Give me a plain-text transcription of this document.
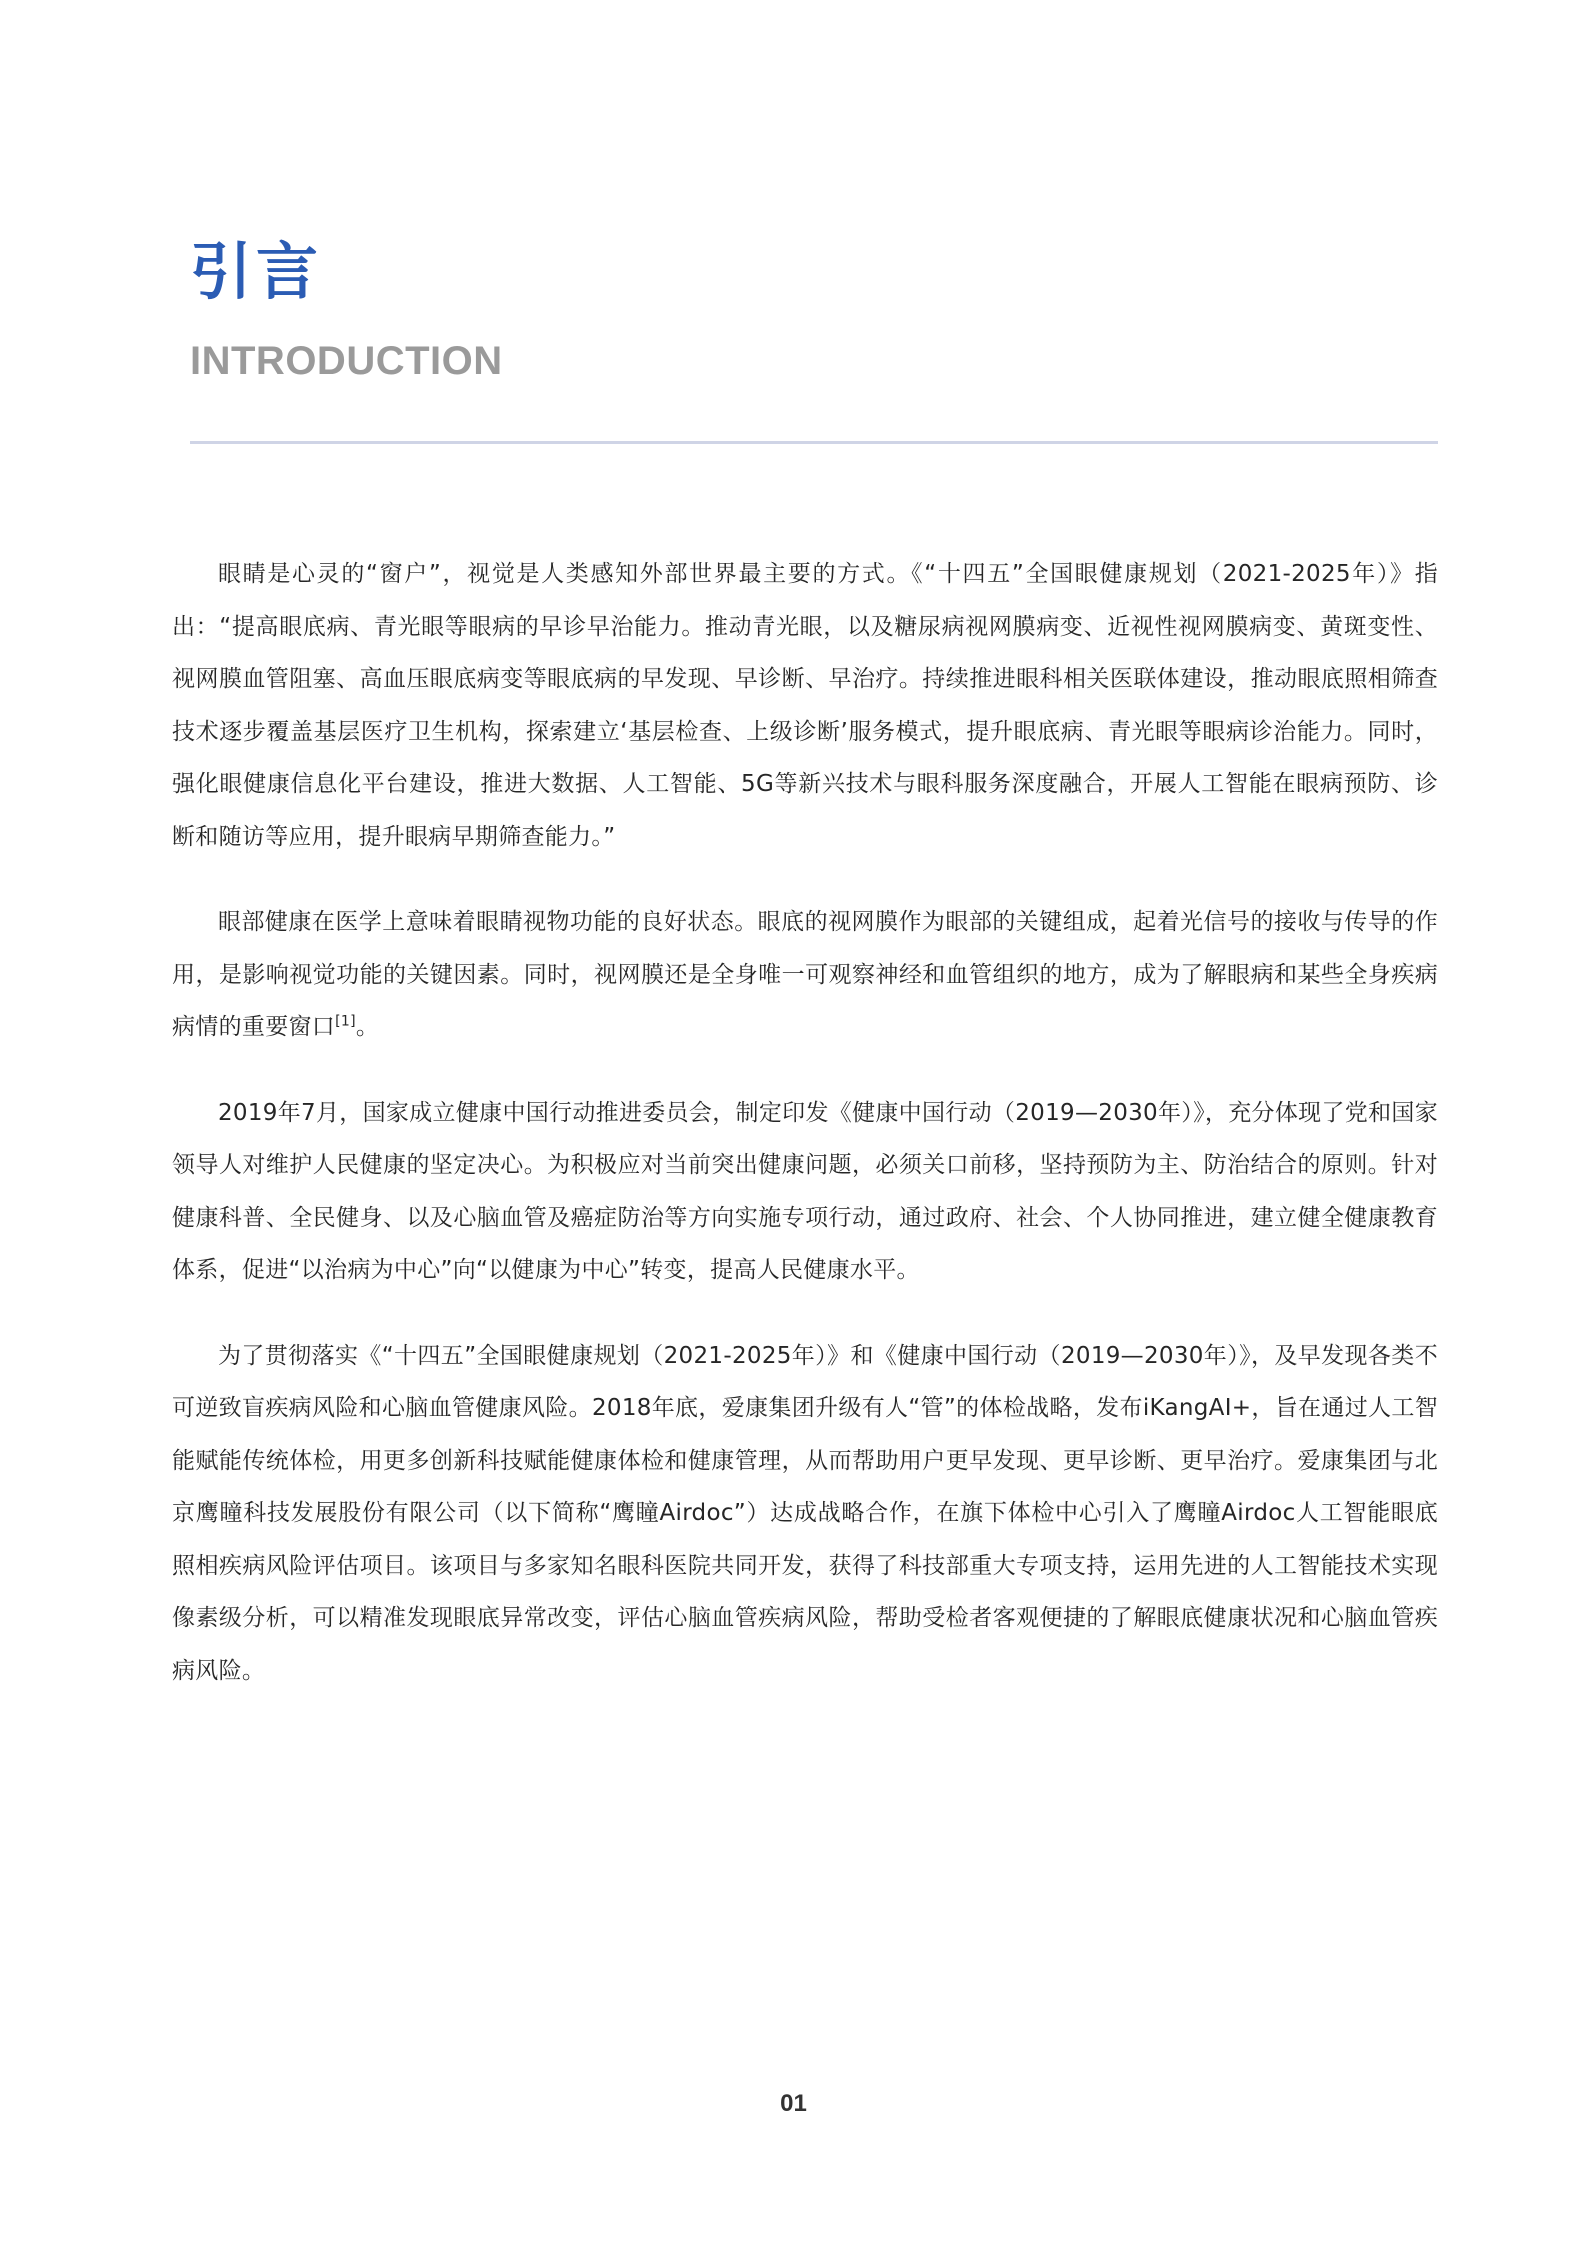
引言
INTRODUCTION

眼睛是心灵的“窗户”，视觉是人类感知外部世界最主要的方式。《“十四五”全国眼健康规划（2021-2025年）》指出：“提高眼底病、青光眼等眼病的早诊早治能力。推动青光眼，以及糖尿病视网膜病变、近视性视网膜病变、黄斑变性、视网膜血管阻塞、高血压眼底病变等眼底病的早发现、早诊断、早治疗。持续推进眼科相关医联体建设，推动眼底照相筛查技术逐步覆盖基层医疗卫生机构，探索建立‘基层检查、上级诊断’服务模式，提升眼底病、青光眼等眼病诊治能力。同时，强化眼健康信息化平台建设，推进大数据、人工智能、5G等新兴技术与眼科服务深度融合，开展人工智能在眼病预防、诊断和随访等应用，提升眼病早期筛查能力。”

眼部健康在医学上意味着眼睛视物功能的良好状态。眼底的视网膜作为眼部的关键组成，起着光信号的接收与传导的作用，是影响视觉功能的关键因素。同时，视网膜还是全身唯一可观察神经和血管组织的地方，成为了解眼病和某些全身疾病病情的重要窗口[1]。

2019年7月，国家成立健康中国行动推进委员会，制定印发《健康中国行动（2019—2030年）》，充分体现了党和国家领导人对维护人民健康的坚定决心。为积极应对当前突出健康问题，必须关口前移，坚持预防为主、防治结合的原则。针对健康科普、全民健身、以及心脑血管及癌症防治等方向实施专项行动，通过政府、社会、个人协同推进，建立健全健康教育体系，促进“以治病为中心”向“以健康为中心”转变，提高人民健康水平。

为了贯彻落实《“十四五”全国眼健康规划（2021-2025年）》和《健康中国行动（2019—2030年）》，及早发现各类不可逆致盲疾病风险和心脑血管健康风险。2018年底，爱康集团升级有人“管”的体检战略，发布iKangAI+，旨在通过人工智能赋能传统体检，用更多创新科技赋能健康体检和健康管理，从而帮助用户更早发现、更早诊断、更早治疗。爱康集团与北京鹰瞳科技发展股份有限公司（以下简称“鹰瞳Airdoc”）达成战略合作，在旗下体检中心引入了鹰瞳Airdoc人工智能眼底照相疾病风险评估项目。该项目与多家知名眼科医院共同开发，获得了科技部重大专项支持，运用先进的人工智能技术实现像素级分析，可以精准发现眼底异常改变，评估心脑血管疾病风险，帮助受检者客观便捷的了解眼底健康状况和心脑血管疾病风险。

01
